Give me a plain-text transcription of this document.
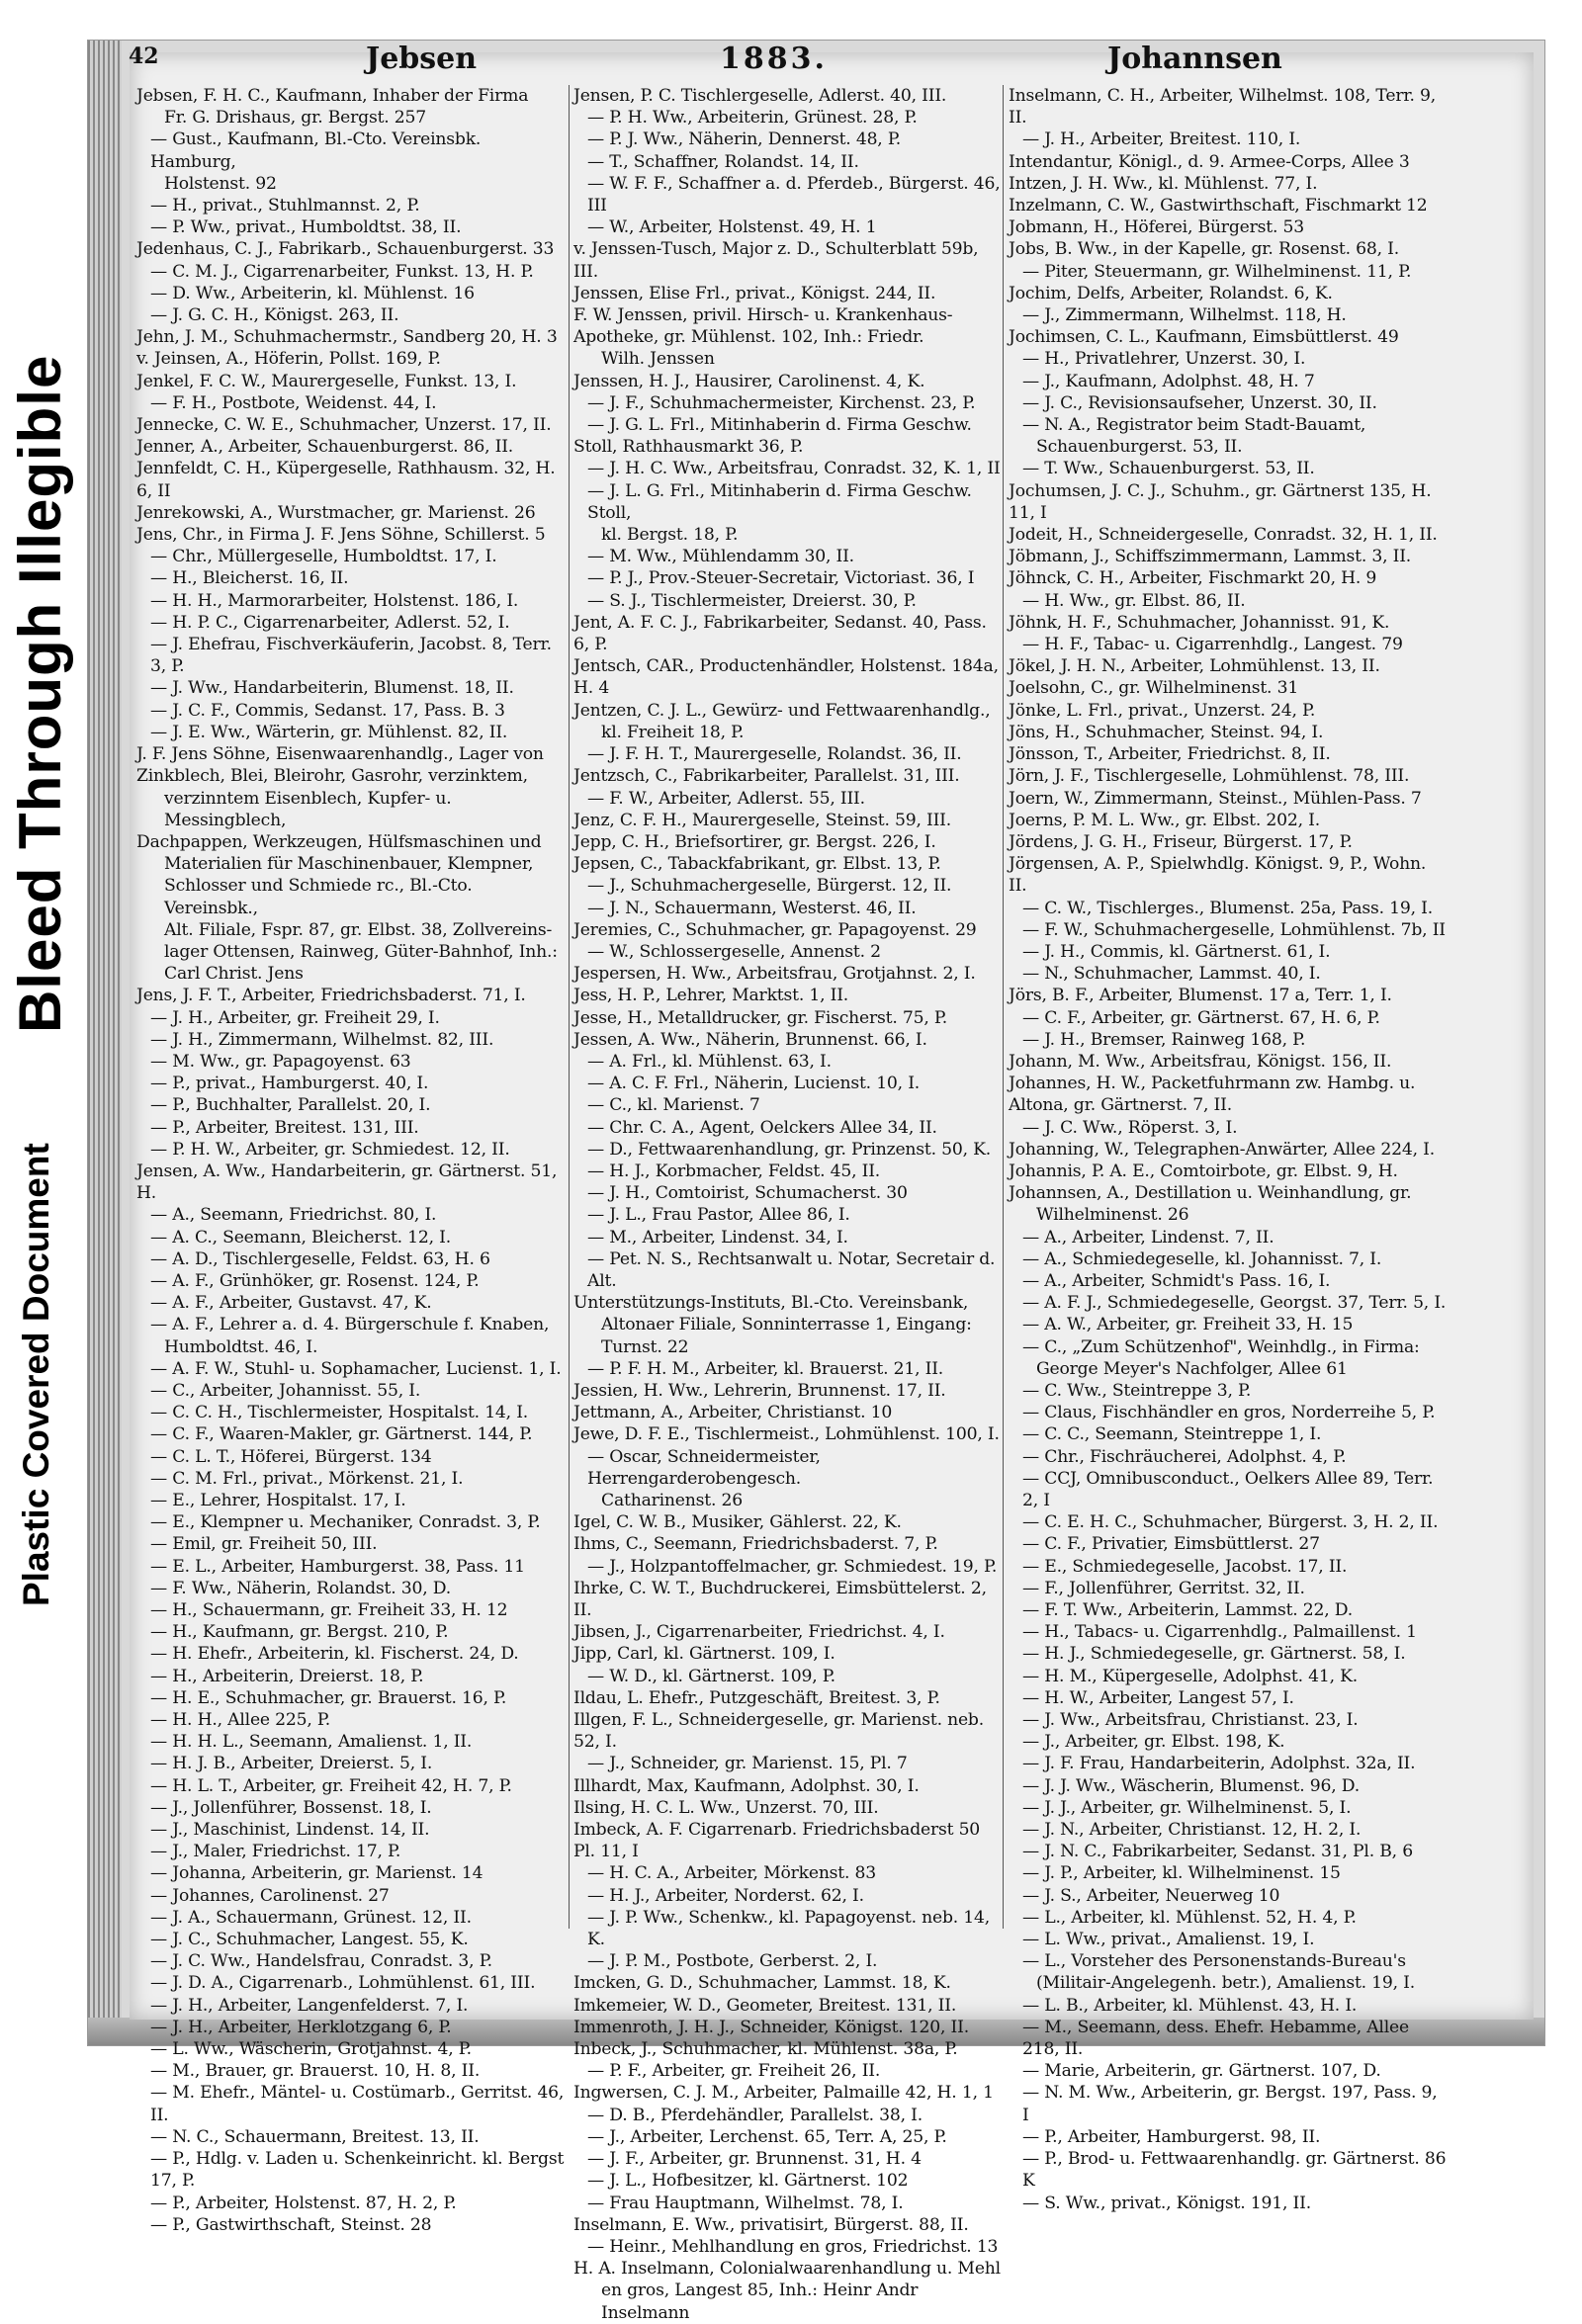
Bleed Through Illegible
Plastic Covered Document
42	Jebsen	1883.	Johannsen
Jebsen, F. H. C., Kaufmann, Inhaber der Firma
Fr. G. Drishaus, gr. Bergst. 257
— Gust., Kaufmann, Bl.-Cto. Vereinsbk. Hamburg,
Holstenst. 92
— H., privat., Stuhlmannst. 2, P.
— P. Ww., privat., Humboldtst. 38, II.
Jedenhaus, C. J., Fabrikarb., Schauenburgerst. 33
— C. M. J., Cigarrenarbeiter, Funkst. 13, H. P.
— D. Ww., Arbeiterin, kl. Mühlenst. 16
— J. G. C. H., Königst. 263, II.
Jehn, J. M., Schuhmachermstr., Sandberg 20, H. 3
v. Jeinsen, A., Höferin, Pollst. 169, P.
Jenkel, F. C. W., Maurergeselle, Funkst. 13, I.
— F. H., Postbote, Weidenst. 44, I.
Jennecke, C. W. E., Schuhmacher, Unzerst. 17, II.
Jenner, A., Arbeiter, Schauenburgerst. 86, II.
Jennfeldt, C. H., Küpergeselle, Rathhausm. 32, H. 6, II
Jenrekowski, A., Wurstmacher, gr. Marienst. 26
Jens, Chr., in Firma J. F. Jens Söhne, Schillerst. 5
— Chr., Müllergeselle, Humboldtst. 17, I.
— H., Bleicherst. 16, II.
— H. H., Marmorarbeiter, Holstenst. 186, I.
— H. P. C., Cigarrenarbeiter, Adlerst. 52, I.
— J. Ehefrau, Fischverkäuferin, Jacobst. 8, Terr. 3, P.
— J. Ww., Handarbeiterin, Blumenst. 18, II.
— J. C. F., Commis, Sedanst. 17, Pass. B. 3
— J. E. Ww., Wärterin, gr. Mühlenst. 82, II.
J. F. Jens Söhne, Eisenwaarenhandlg., Lager von
Zinkblech, Blei, Bleirohr, Gasrohr, verzinktem,
verzinntem Eisenblech, Kupfer- u. Messingblech,
Dachpappen, Werkzeugen, Hülfsmaschinen und
Materialien für Maschinenbauer, Klempner,
Schlosser und Schmiede rc., Bl.-Cto. Vereinsbk.,
Alt. Filiale, Fspr. 87, gr. Elbst. 38, Zollvereins-
lager Ottensen, Rainweg, Güter-Bahnhof, Inh.:
Carl Christ. Jens
Jens, J. F. T., Arbeiter, Friedrichsbaderst. 71, I.
— J. H., Arbeiter, gr. Freiheit 29, I.
— J. H., Zimmermann, Wilhelmst. 82, III.
— M. Ww., gr. Papagoyenst. 63
— P., privat., Hamburgerst. 40, I.
— P., Buchhalter, Parallelst. 20, I.
— P., Arbeiter, Breitest. 131, III.
— P. H. W., Arbeiter, gr. Schmiedest. 12, II.
Jensen, A. Ww., Handarbeiterin, gr. Gärtnerst. 51, H.
— A., Seemann, Friedrichst. 80, I.
— A. C., Seemann, Bleicherst. 12, I.
— A. D., Tischlergeselle, Feldst. 63, H. 6
— A. F., Grünhöker, gr. Rosenst. 124, P.
— A. F., Arbeiter, Gustavst. 47, K.
— A. F., Lehrer a. d. 4. Bürgerschule f. Knaben,
Humboldtst. 46, I.
— A. F. W., Stuhl- u. Sophamacher, Lucienst. 1, I.
— C., Arbeiter, Johannisst. 55, I.
— C. C. H., Tischlermeister, Hospitalst. 14, I.
— C. F., Waaren-Makler, gr. Gärtnerst. 144, P.
— C. L. T., Höferei, Bürgerst. 134
— C. M. Frl., privat., Mörkenst. 21, I.
— E., Lehrer, Hospitalst. 17, I.
— E., Klempner u. Mechaniker, Conradst. 3, P.
— Emil, gr. Freiheit 50, III.
— E. L., Arbeiter, Hamburgerst. 38, Pass. 11
— F. Ww., Näherin, Rolandst. 30, D.
— H., Schauermann, gr. Freiheit 33, H. 12
— H., Kaufmann, gr. Bergst. 210, P.
— H. Ehefr., Arbeiterin, kl. Fischerst. 24, D.
— H., Arbeiterin, Dreierst. 18, P.
— H. E., Schuhmacher, gr. Brauerst. 16, P.
— H. H., Allee 225, P.
— H. H. L., Seemann, Amalienst. 1, II.
— H. J. B., Arbeiter, Dreierst. 5, I.
— H. L. T., Arbeiter, gr. Freiheit 42, H. 7, P.
— J., Jollenführer, Bossenst. 18, I.
— J., Maschinist, Lindenst. 14, II.
— J., Maler, Friedrichst. 17, P.
— Johanna, Arbeiterin, gr. Marienst. 14
— Johannes, Carolinenst. 27
— J. A., Schauermann, Grünest. 12, II.
— J. C., Schuhmacher, Langest. 55, K.
— J. C. Ww., Handelsfrau, Conradst. 3, P.
— J. D. A., Cigarrenarb., Lohmühlenst. 61, III.
— J. H., Arbeiter, Langenfelderst. 7, I.
— J. H., Arbeiter, Herklotzgang 6, P.
— L. Ww., Wäscherin, Grotjahnst. 4, P.
— M., Brauer, gr. Brauerst. 10, H. 8, II.
— M. Ehefr., Mäntel- u. Costümarb., Gerritst. 46, II.
— N. C., Schauermann, Breitest. 13, II.
— P., Hdlg. v. Laden u. Schenkeinricht. kl. Bergst 17, P.
— P., Arbeiter, Holstenst. 87, H. 2, P.
— P., Gastwirthschaft, Steinst. 28
Jensen, P. C. Tischlergeselle, Adlerst. 40, III.
— P. H. Ww., Arbeiterin, Grünest. 28, P.
— P. J. Ww., Näherin, Dennerst. 48, P.
— T., Schaffner, Rolandst. 14, II.
— W. F. F., Schaffner a. d. Pferdeb., Bürgerst. 46, III
— W., Arbeiter, Holstenst. 49, H. 1
v. Jenssen-Tusch, Major z. D., Schulterblatt 59b, III.
Jenssen, Elise Frl., privat., Königst. 244, II.
F. W. Jenssen, privil. Hirsch- u. Krankenhaus-
Apotheke, gr. Mühlenst. 102, Inh.: Friedr.
Wilh. Jenssen
Jenssen, H. J., Hausirer, Carolinenst. 4, K.
— J. F., Schuhmachermeister, Kirchenst. 23, P.
— J. G. L. Frl., Mitinhaberin d. Firma Geschw.
Stoll, Rathhausmarkt 36, P.
— J. H. C. Ww., Arbeitsfrau, Conradst. 32, K. 1, II
— J. L. G. Frl., Mitinhaberin d. Firma Geschw. Stoll,
kl. Bergst. 18, P.
— M. Ww., Mühlendamm 30, II.
— P. J., Prov.-Steuer-Secretair, Victoriast. 36, I
— S. J., Tischlermeister, Dreierst. 30, P.
Jent, A. F. C. J., Fabrikarbeiter, Sedanst. 40, Pass. 6, P.
Jentsch, CAR., Productenhändler, Holstenst. 184a, H. 4
Jentzen, C. J. L., Gewürz- und Fettwaarenhandlg.,
kl. Freiheit 18, P.
— J. F. H. T., Maurergeselle, Rolandst. 36, II.
Jentzsch, C., Fabrikarbeiter, Parallelst. 31, III.
— F. W., Arbeiter, Adlerst. 55, III.
Jenz, C. F. H., Maurergeselle, Steinst. 59, III.
Jepp, C. H., Briefsortirer, gr. Bergst. 226, I.
Jepsen, C., Tabackfabrikant, gr. Elbst. 13, P.
— J., Schuhmachergeselle, Bürgerst. 12, II.
— J. N., Schauermann, Westerst. 46, II.
Jeremies, C., Schuhmacher, gr. Papagoyenst. 29
— W., Schlossergeselle, Annenst. 2
Jespersen, H. Ww., Arbeitsfrau, Grotjahnst. 2, I.
Jess, H. P., Lehrer, Marktst. 1, II.
Jesse, H., Metalldrucker, gr. Fischerst. 75, P.
Jessen, A. Ww., Näherin, Brunnenst. 66, I.
— A. Frl., kl. Mühlenst. 63, I.
— A. C. F. Frl., Näherin, Lucienst. 10, I.
— C., kl. Marienst. 7
— Chr. C. A., Agent, Oelckers Allee 34, II.
— D., Fettwaarenhandlung, gr. Prinzenst. 50, K.
— H. J., Korbmacher, Feldst. 45, II.
— J. H., Comtoirist, Schumacherst. 30
— J. L., Frau Pastor, Allee 86, I.
— M., Arbeiter, Lindenst. 34, I.
— Pet. N. S., Rechtsanwalt u. Notar, Secretair d. Alt.
Unterstützungs-Instituts, Bl.-Cto. Vereinsbank,
Altonaer Filiale, Sonninterrasse 1, Eingang:
Turnst. 22
— P. F. H. M., Arbeiter, kl. Brauerst. 21, II.
Jessien, H. Ww., Lehrerin, Brunnenst. 17, II.
Jettmann, A., Arbeiter, Christianst. 10
Jewe, D. F. E., Tischlermeist., Lohmühlenst. 100, I.
— Oscar, Schneidermeister, Herrengarderobengesch.
Catharinenst. 26
Igel, C. W. B., Musiker, Gählerst. 22, K.
Ihms, C., Seemann, Friedrichsbaderst. 7, P.
— J., Holzpantoffelmacher, gr. Schmiedest. 19, P.
Ihrke, C. W. T., Buchdruckerei, Eimsbüttelerst. 2, II.
Jibsen, J., Cigarrenarbeiter, Friedrichst. 4, I.
Jipp, Carl, kl. Gärtnerst. 109, I.
— W. D., kl. Gärtnerst. 109, P.
Ildau, L. Ehefr., Putzgeschäft, Breitest. 3, P.
Illgen, F. L., Schneidergeselle, gr. Marienst. neb. 52, I.
— J., Schneider, gr. Marienst. 15, Pl. 7
Illhardt, Max, Kaufmann, Adolphst. 30, I.
Ilsing, H. C. L. Ww., Unzerst. 70, III.
Imbeck, A. F. Cigarrenarb. Friedrichsbaderst 50 Pl. 11, I
— H. C. A., Arbeiter, Mörkenst. 83
— H. J., Arbeiter, Norderst. 62, I.
— J. P. Ww., Schenkw., kl. Papagoyenst. neb. 14, K.
— J. P. M., Postbote, Gerberst. 2, I.
Imcken, G. D., Schuhmacher, Lammst. 18, K.
Imkemeier, W. D., Geometer, Breitest. 131, II.
Immenroth, J. H. J., Schneider, Königst. 120, II.
Inbeck, J., Schuhmacher, kl. Mühlenst. 38a, P.
— P. F., Arbeiter, gr. Freiheit 26, II.
Ingwersen, C. J. M., Arbeiter, Palmaille 42, H. 1, 1
— D. B., Pferdehändler, Parallelst. 38, I.
— J., Arbeiter, Lerchenst. 65, Terr. A, 25, P.
— J. F., Arbeiter, gr. Brunnenst. 31, H. 4
— J. L., Hofbesitzer, kl. Gärtnerst. 102
— Frau Hauptmann, Wilhelmst. 78, I.
Inselmann, E. Ww., privatisirt, Bürgerst. 88, II.
— Heinr., Mehlhandlung en gros, Friedrichst. 13
H. A. Inselmann, Colonialwaarenhandlung u. Mehl
en gros, Langest 85, Inh.: Heinr Andr Inselmann
Inselmann, C. H., Arbeiter, Wilhelmst. 108, Terr. 9, II.
— J. H., Arbeiter, Breitest. 110, I.
Intendantur, Königl., d. 9. Armee-Corps, Allee 3
Intzen, J. H. Ww., kl. Mühlenst. 77, I.
Inzelmann, C. W., Gastwirthschaft, Fischmarkt 12
Jobmann, H., Höferei, Bürgerst. 53
Jobs, B. Ww., in der Kapelle, gr. Rosenst. 68, I.
— Piter, Steuermann, gr. Wilhelminenst. 11, P.
Jochim, Delfs, Arbeiter, Rolandst. 6, K.
— J., Zimmermann, Wilhelmst. 118, H.
Jochimsen, C. L., Kaufmann, Eimsbüttlerst. 49
— H., Privatlehrer, Unzerst. 30, I.
— J., Kaufmann, Adolphst. 48, H. 7
— J. C., Revisionsaufseher, Unzerst. 30, II.
— N. A., Registrator beim Stadt-Bauamt,
Schauenburgerst. 53, II.
— T. Ww., Schauenburgerst. 53, II.
Jochumsen, J. C. J., Schuhm., gr. Gärtnerst 135, H. 11, I
Jodeit, H., Schneidergeselle, Conradst. 32, H. 1, II.
Jöbmann, J., Schiffszimmermann, Lammst. 3, II.
Jöhnck, C. H., Arbeiter, Fischmarkt 20, H. 9
— H. Ww., gr. Elbst. 86, II.
Jöhnk, H. F., Schuhmacher, Johannisst. 91, K.
— H. F., Tabac- u. Cigarrenhdlg., Langest. 79
Jökel, J. H. N., Arbeiter, Lohmühlenst. 13, II.
Joelsohn, C., gr. Wilhelminenst. 31
Jönke, L. Frl., privat., Unzerst. 24, P.
Jöns, H., Schuhmacher, Steinst. 94, I.
Jönsson, T., Arbeiter, Friedrichst. 8, II.
Jörn, J. F., Tischlergeselle, Lohmühlenst. 78, III.
Joern, W., Zimmermann, Steinst., Mühlen-Pass. 7
Joerns, P. M. L. Ww., gr. Elbst. 202, I.
Jördens, J. G. H., Friseur, Bürgerst. 17, P.
Jörgensen, A. P., Spielwhdlg. Königst. 9, P., Wohn. II.
— C. W., Tischlerges., Blumenst. 25a, Pass. 19, I.
— F. W., Schuhmachergeselle, Lohmühlenst. 7b, II
— J. H., Commis, kl. Gärtnerst. 61, I.
— N., Schuhmacher, Lammst. 40, I.
Jörs, B. F., Arbeiter, Blumenst. 17 a, Terr. 1, I.
— C. F., Arbeiter, gr. Gärtnerst. 67, H. 6, P.
— J. H., Bremser, Rainweg 168, P.
Johann, M. Ww., Arbeitsfrau, Königst. 156, II.
Johannes, H. W., Packetfuhrmann zw. Hambg. u.
Altona, gr. Gärtnerst. 7, II.
— J. C. Ww., Röperst. 3, I.
Johanning, W., Telegraphen-Anwärter, Allee 224, I.
Johannis, P. A. E., Comtoirbote, gr. Elbst. 9, H.
Johannsen, A., Destillation u. Weinhandlung, gr.
Wilhelminenst. 26
— A., Arbeiter, Lindenst. 7, II.
— A., Schmiedegeselle, kl. Johannisst. 7, I.
— A., Arbeiter, Schmidt's Pass. 16, I.
— A. F. J., Schmiedegeselle, Georgst. 37, Terr. 5, I.
— A. W., Arbeiter, gr. Freiheit 33, H. 15
— C., „Zum Schützenhof", Weinhdlg., in Firma:
George Meyer's Nachfolger, Allee 61
— C. Ww., Steintreppe 3, P.
— Claus, Fischhändler en gros, Norderreihe 5, P.
— C. C., Seemann, Steintreppe 1, I.
— Chr., Fischräucherei, Adolphst. 4, P.
— CCJ, Omnibusconduct., Oelkers Allee 89, Terr. 2, I
— C. E. H. C., Schuhmacher, Bürgerst. 3, H. 2, II.
— C. F., Privatier, Eimsbüttlerst. 27
— E., Schmiedegeselle, Jacobst. 17, II.
— F., Jollenführer, Gerritst. 32, II.
— F. T. Ww., Arbeiterin, Lammst. 22, D.
— H., Tabacs- u. Cigarrenhdlg., Palmaillenst. 1
— H. J., Schmiedegeselle, gr. Gärtnerst. 58, I.
— H. M., Küpergeselle, Adolphst. 41, K.
— H. W., Arbeiter, Langest 57, I.
— J. Ww., Arbeitsfrau, Christianst. 23, I.
— J., Arbeiter, gr. Elbst. 198, K.
— J. F. Frau, Handarbeiterin, Adolphst. 32a, II.
— J. J. Ww., Wäscherin, Blumenst. 96, D.
— J. J., Arbeiter, gr. Wilhelminenst. 5, I.
— J. N., Arbeiter, Christianst. 12, H. 2, I.
— J. N. C., Fabrikarbeiter, Sedanst. 31, Pl. B, 6
— J. P., Arbeiter, kl. Wilhelminenst. 15
— J. S., Arbeiter, Neuerweg 10
— L., Arbeiter, kl. Mühlenst. 52, H. 4, P.
— L. Ww., privat., Amalienst. 19, I.
— L., Vorsteher des Personenstands-Bureau's
(Militair-Angelegenh. betr.), Amalienst. 19, I.
— L. B., Arbeiter, kl. Mühlenst. 43, H. I.
— M., Seemann, dess. Ehefr. Hebamme, Allee 218, II.
— Marie, Arbeiterin, gr. Gärtnerst. 107, D.
— N. M. Ww., Arbeiterin, gr. Bergst. 197, Pass. 9, I
— P., Arbeiter, Hamburgerst. 98, II.
— P., Brod- u. Fettwaarenhandlg. gr. Gärtnerst. 86 K
— S. Ww., privat., Königst. 191, II.
